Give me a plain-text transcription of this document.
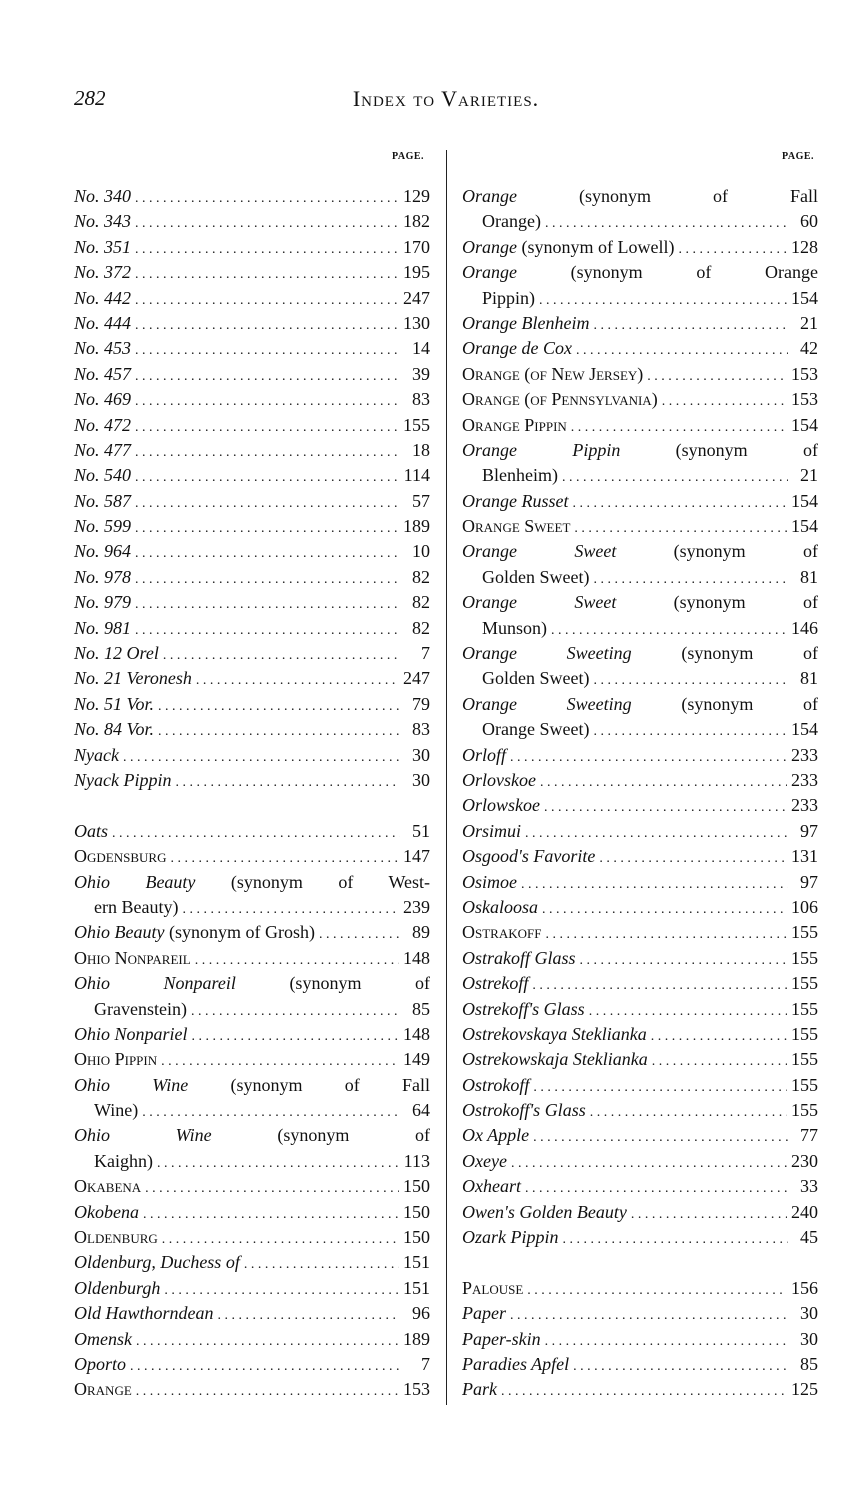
282	Index to Varieties.
PAGE.	PAGE.
No. 340 . . .	129
No. 343 . . .	182
No. 351 . . .	170
No. 372 . . .	195
No. 442 . . .	247
No. 444 . . .	130
No. 453 . . .	14
No. 457 . . .	39
No. 469 . . .	83
No. 472 . . .	155
No. 477 . . .	18
No. 540 . . .	114
No. 587 . . .	57
No. 599 . . .	189
No. 964 . . .	10
No. 978 . . .	82
No. 979 . . .	82
No. 981 . . .	82
No. 12 Orel . . .	7
No. 21 Veronesh . . .	247
No. 51 Vor. . . .	79
No. 84 Vor. . . .	83
Nyack . . .	30
Nyack Pippin . . .	30
Oats . . .	51
Ogdensburg . . .	147
Ohio Beauty (synonym of West-
ern Beauty) . . .	239
Ohio Beauty (synonym of Grosh) . . .	89
Ohio Nonpareil . . .	148
Ohio Nonpareil (synonym of
Gravenstein) . . .	85
Ohio Nonpariel . . .	148
Ohio Pippin . . .	149
Ohio Wine (synonym of Fall
Wine) . . .	64
Ohio Wine (synonym of
Kaighn) . . .	113
Okabena . . .	150
Okobena . . .	150
Oldenburg . . .	150
Oldenburg, Duchess of . . .	151
Oldenburgh . . .	151
Old Hawthorndean . . .	96
Omensk . . .	189
Oporto . . .	7
Orange . . .	153
Orange (synonym of Fall
Orange) . . .	60
Orange (synonym of Lowell) . . .	128
Orange (synonym of Orange
Pippin) . . .	154
Orange Blenheim . . .	21
Orange de Cox . . .	42
Orange (of New Jersey) . . .	153
Orange (of Pennsylvania) . . .	153
Orange Pippin . . .	154
Orange Pippin (synonym of
Blenheim) . . .	21
Orange Russet . . .	154
Orange Sweet . . .	154
Orange Sweet (synonym of
Golden Sweet) . . .	81
Orange Sweet (synonym of
Munson) . . .	146
Orange Sweeting (synonym of
Golden Sweet) . . .	81
Orange Sweeting (synonym of
Orange Sweet) . . .	154
Orloff . . .	233
Orlovskoe . . .	233
Orlowskoe . . .	233
Orsimui . . .	97
Osgood's Favorite . . .	131
Osimoe . . .	97
Oskaloosa . . .	106
Ostrakoff . . .	155
Ostrakoff Glass . . .	155
Ostrekoff . . .	155
Ostrekoff's Glass . . .	155
Ostrekovskaya Steklianka . . .	155
Ostrekowskaja Steklianka . . .	155
Ostrokoff . . .	155
Ostrokoff's Glass . . .	155
Ox Apple . . .	77
Oxeye . . .	230
Oxheart . . .	33
Owen's Golden Beauty . . .	240
Ozark Pippin . . .	45
Palouse . . .	156
Paper . . .	30
Paper-skin . . .	30
Paradies Apfel . . .	85
Park . . .	125
